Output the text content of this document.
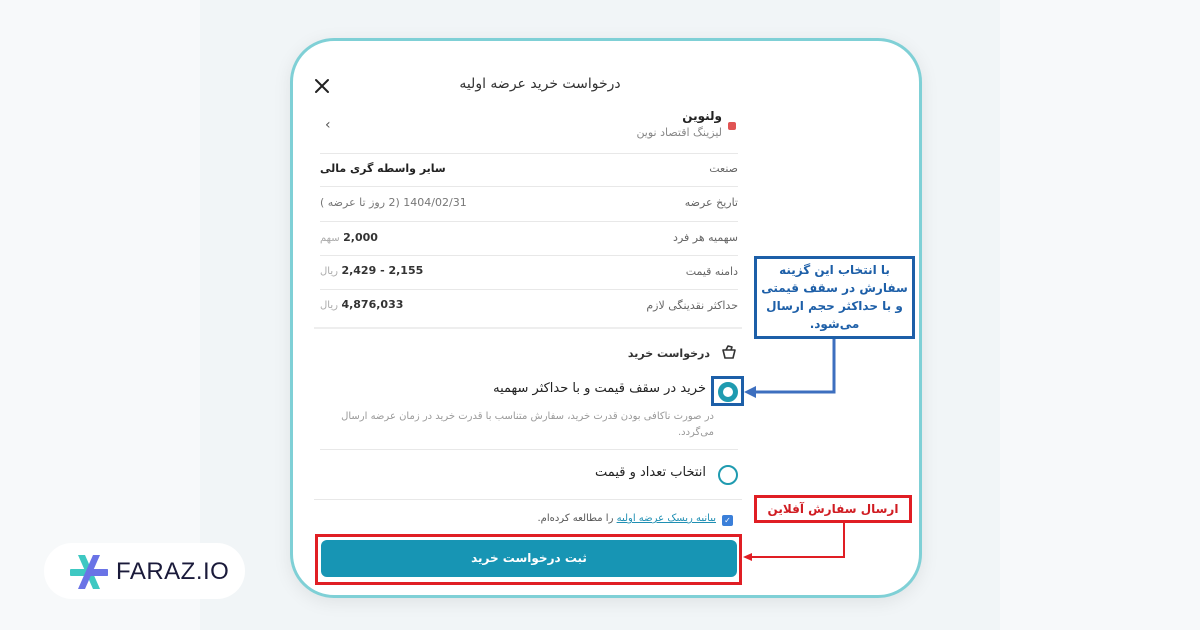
درخواست خرید عرضه اولیه
ولنوین
لیزینگ اقتصاد نوین
‹
صنعت
سایر واسطه گری مالی
تاریخ عرضه
1404/02/31 (2 روز تا عرضه )
سهمیه هر فرد
2,000 سهم
دامنه قیمت
2,155 - 2,429 ریال
حداکثر نقدینگی لازم
4,876,033 ریال
درخواست خرید
خرید در سقف قیمت و با حداکثر سهمیه
در صورت ناکافی بودن قدرت خرید، سفارش متناسب با قدرت خرید در زمان عرضه ارسال می‌گردد.
انتخاب تعداد و قیمت
✓
بیانیه ریسک عرضه اولیه را مطالعه کرده‌ام.
ثبت درخواست خرید
با انتخاب این گزینه سفارش در سقف قیمتی و با حداکثر حجم ارسال می‌شود.
ارسال سفارش آفلاین
FARAZ.IO
